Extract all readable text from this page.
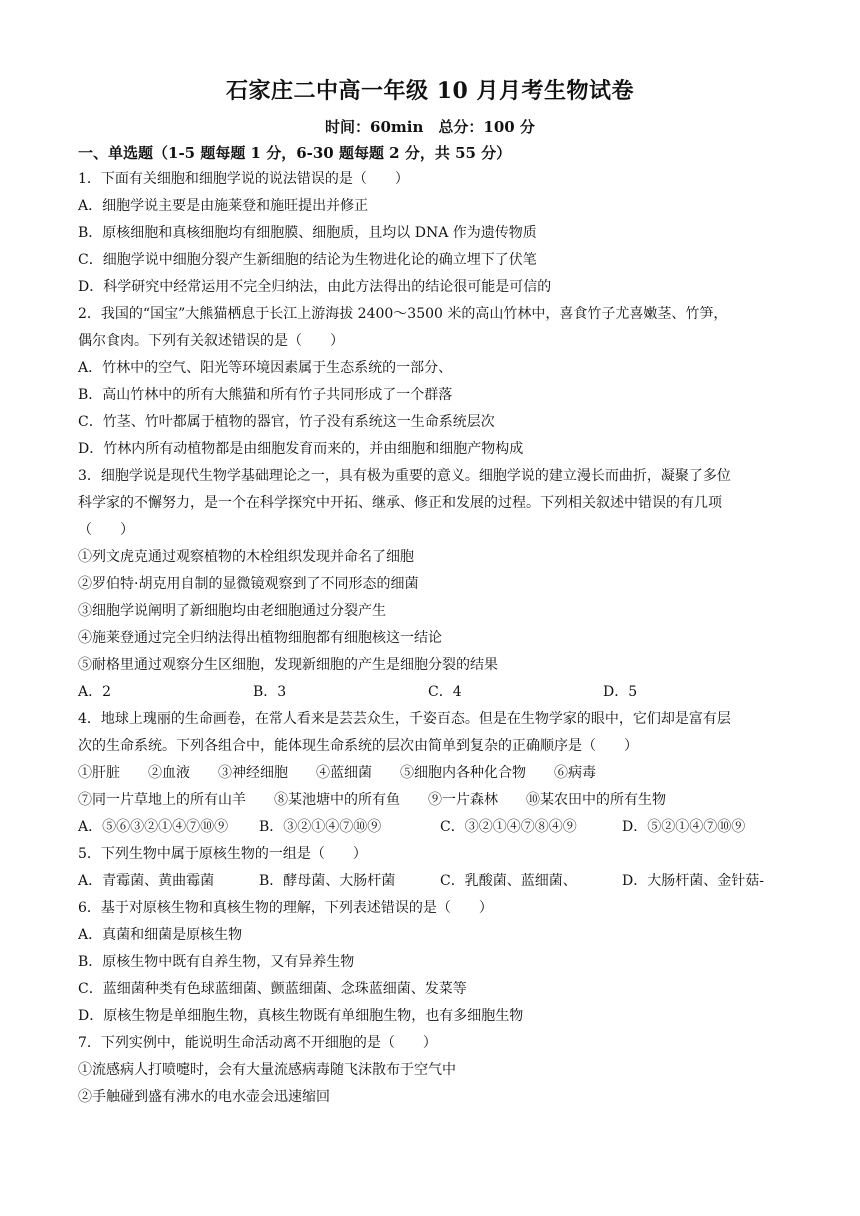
石家庄二中高一年级 10 月月考生物试卷
时间：60min　总分：100 分
一、单选题（1-5 题每题 1 分，6-30 题每题 2 分，共 55 分）
1．下面有关细胞和细胞学说的说法错误的是（　　）
A．细胞学说主要是由施莱登和施旺提出并修正
B．原核细胞和真核细胞均有细胞膜、细胞质，且均以 DNA 作为遗传物质
C．细胞学说中细胞分裂产生新细胞的结论为生物进化论的确立埋下了伏笔
D．科学研究中经常运用不完全归纳法，由此方法得出的结论很可能是可信的
2．我国的“国宝”大熊猫栖息于长江上游海拔 2400～3500 米的高山竹林中，喜食竹子尤喜嫩茎、竹笋，
偶尔食肉。下列有关叙述错误的是（　　）
A．竹林中的空气、阳光等环境因素属于生态系统的一部分、
B．高山竹林中的所有大熊猫和所有竹子共同形成了一个群落
C．竹茎、竹叶都属于植物的器官，竹子没有系统这一生命系统层次
D．竹林内所有动植物都是由细胞发育而来的，并由细胞和细胞产物构成
3．细胞学说是现代生物学基础理论之一，具有极为重要的意义。细胞学说的建立漫长而曲折，凝聚了多位
科学家的不懈努力，是一个在科学探究中开拓、继承、修正和发展的过程。下列相关叙述中错误的有几项
（　　）
①列文虎克通过观察植物的木栓组织发现并命名了细胞
②罗伯特·胡克用自制的显微镜观察到了不同形态的细菌
③细胞学说阐明了新细胞均由老细胞通过分裂产生
④施莱登通过完全归纳法得出植物细胞都有细胞核这一结论
⑤耐格里通过观察分生区细胞，发现新细胞的产生是细胞分裂的结果
A．2	B．3	C．4	D．5
4．地球上瑰丽的生命画卷，在常人看来是芸芸众生，千姿百态。但是在生物学家的眼中，它们却是富有层
次的生命系统。下列各组合中，能体现生命系统的层次由简单到复杂的正确顺序是（　　）
①肝脏　　②血液　　③神经细胞　　④蓝细菌　　⑤细胞内各种化合物　　⑥病毒
⑦同一片草地上的所有山羊　　⑧某池塘中的所有鱼　　⑨一片森林　　⑩某农田中的所有生物
A．⑤⑥③②①④⑦⑩⑨	B．③②①④⑦⑩⑨	C．③②①④⑦⑧④⑨	D．⑤②①④⑦⑩⑨
5．下列生物中属于原核生物的一组是（　　）
A．青霉菌、黄曲霉菌	B．酵母菌、大肠杆菌	C．乳酸菌、蓝细菌、	D．大肠杆菌、金针菇-
6．基于对原核生物和真核生物的理解，下列表述错误的是（　　）
A．真菌和细菌是原核生物
B．原核生物中既有自养生物，又有异养生物
C．蓝细菌种类有色球蓝细菌、颤蓝细菌、念珠蓝细菌、发菜等
D．原核生物是单细胞生物，真核生物既有单细胞生物，也有多细胞生物
7．下列实例中，能说明生命活动离不开细胞的是（　　）
①流感病人打喷嚏时，会有大量流感病毒随飞沫散布于空气中
②手触碰到盛有沸水的电水壶会迅速缩回
